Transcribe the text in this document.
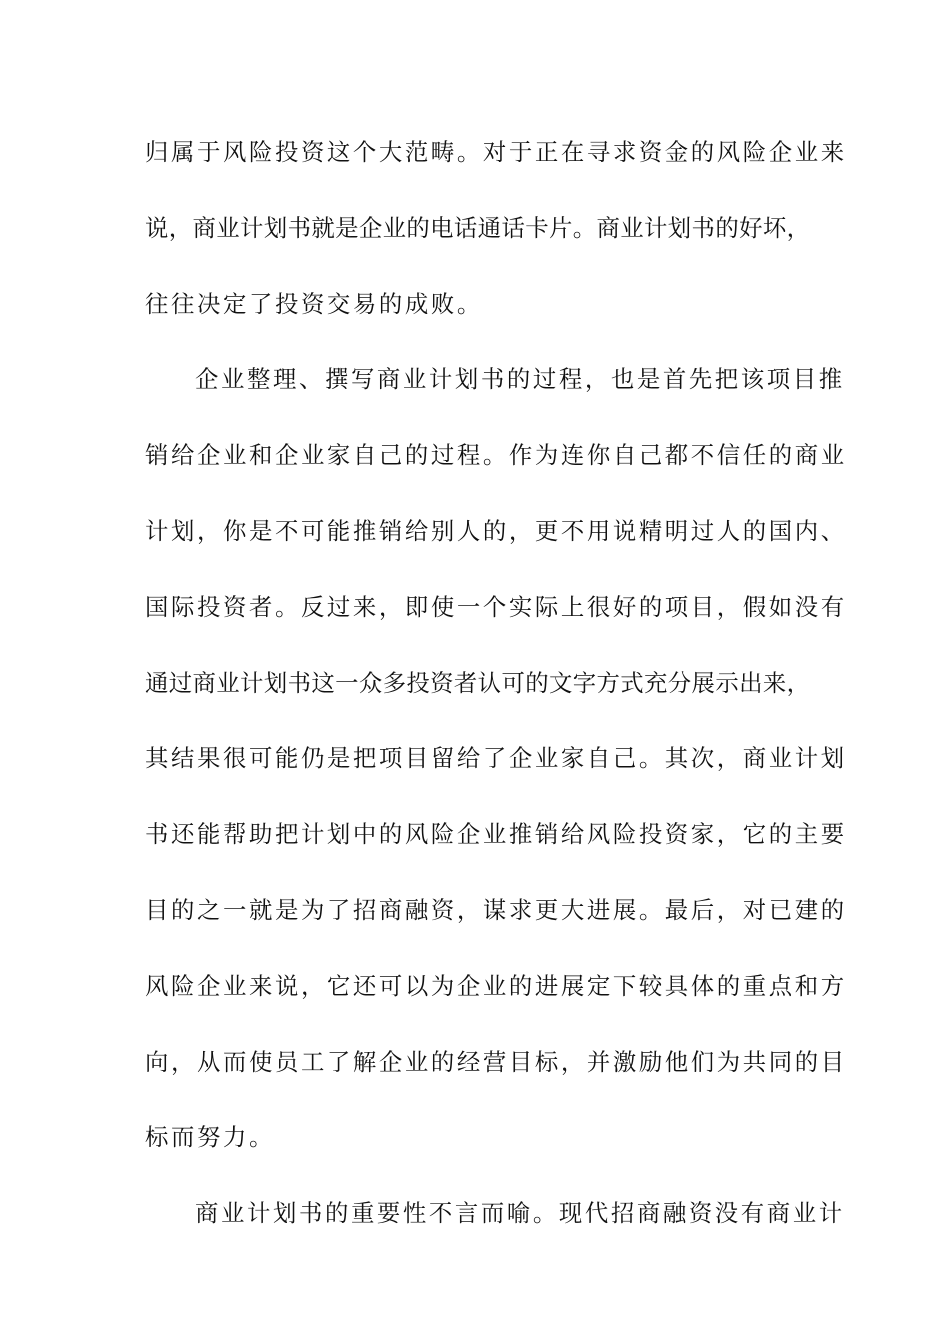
归属于风险投资这个大范畴。对于正在寻求资金的风险企业来
说，商业计划书就是企业的电话通话卡片。商业计划书的好坏，
往往决定了投资交易的成败。
企业整理、撰写商业计划书的过程，也是首先把该项目推
销给企业和企业家自己的过程。作为连你自己都不信任的商业
计划，你是不可能推销给别人的，更不用说精明过人的国内、
国际投资者。反过来，即使一个实际上很好的项目，假如没有
通过商业计划书这一众多投资者认可的文字方式充分展示出来，
其结果很可能仍是把项目留给了企业家自己。其次，商业计划
书还能帮助把计划中的风险企业推销给风险投资家，它的主要
目的之一就是为了招商融资，谋求更大进展。最后，对已建的
风险企业来说，它还可以为企业的进展定下较具体的重点和方
向，从而使员工了解企业的经营目标，并激励他们为共同的目
标而努力。
商业计划书的重要性不言而喻。现代招商融资没有商业计
